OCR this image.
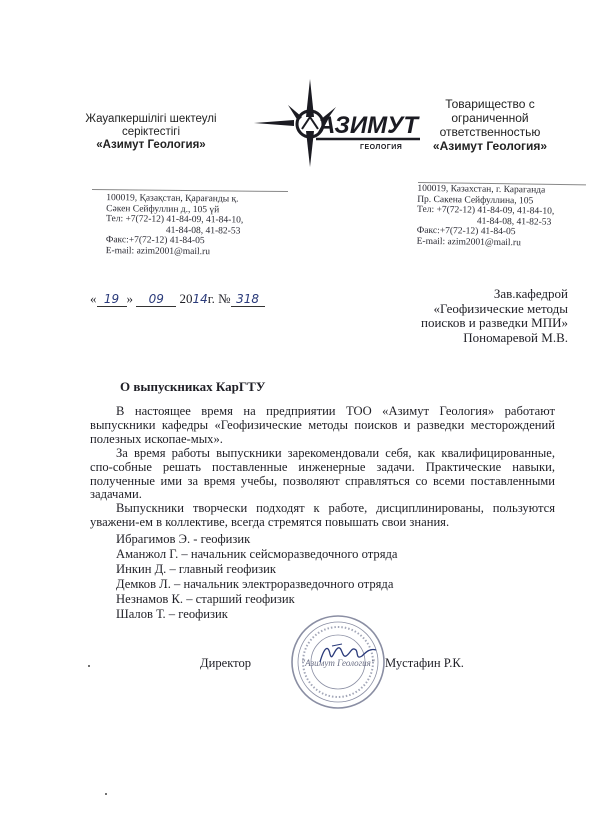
Жауапкершілігі шектеулі
серіктестігі
«Азимут Геология»
АЗИМУТ
ГЕОЛОГИЯ
Товарищество с
ограниченной
ответственностью
«Азимут Геология»
100019, Қазақстан, Қарағанды қ.
Сәкен Сейфуллин д., 105 үй
Тел: +7(72-12) 41-84-09, 41-84-10,
41-84-08, 41-82-53
Факс:+7(72-12) 41-84-05
E-mail: azim2001@mail.ru
100019, Казахстан, г. Караганда
Пр. Сакена Сейфуллина, 105
Тел: +7(72-12) 41-84-09, 41-84-10,
41-84-08, 41-82-53
Факс:+7(72-12) 41-84-05
E-mail: azim2001@mail.ru
« 19 » 09 2014г. № 318	Зав.кафедрой
«Геофизические методы
поисков и разведки МПИ»
Пономаревой М.В.
О выпускниках КарГТУ

В настоящее время на предприятии ТОО «Азимут Геология» работают выпускники кафедры «Геофизические методы поисков и разведки месторождений полезных ископае-мых».

За время работы выпускники зарекомендовали себя, как квалифицированные, спо-собные решать поставленные инженерные задачи. Практические навыки, полученные ими за время учебы, позволяют справляться со всеми поставленными задачами.

Выпускники творчески подходят к работе, дисциплинированы, пользуются уважени-ем в коллективе, всегда стремятся повышать свои знания.

Ибрагимов Э. - геофизик
Аманжол Г. – начальник сейсморазведочного отряда
Инкин Д. – главный геофизик
Демков Л. – начальник электроразведочного отряда
Незнамов К. – старший геофизик
Шалов Т. – геофизик
"Азимут Геология"
Директор	Мустафин Р.К.
